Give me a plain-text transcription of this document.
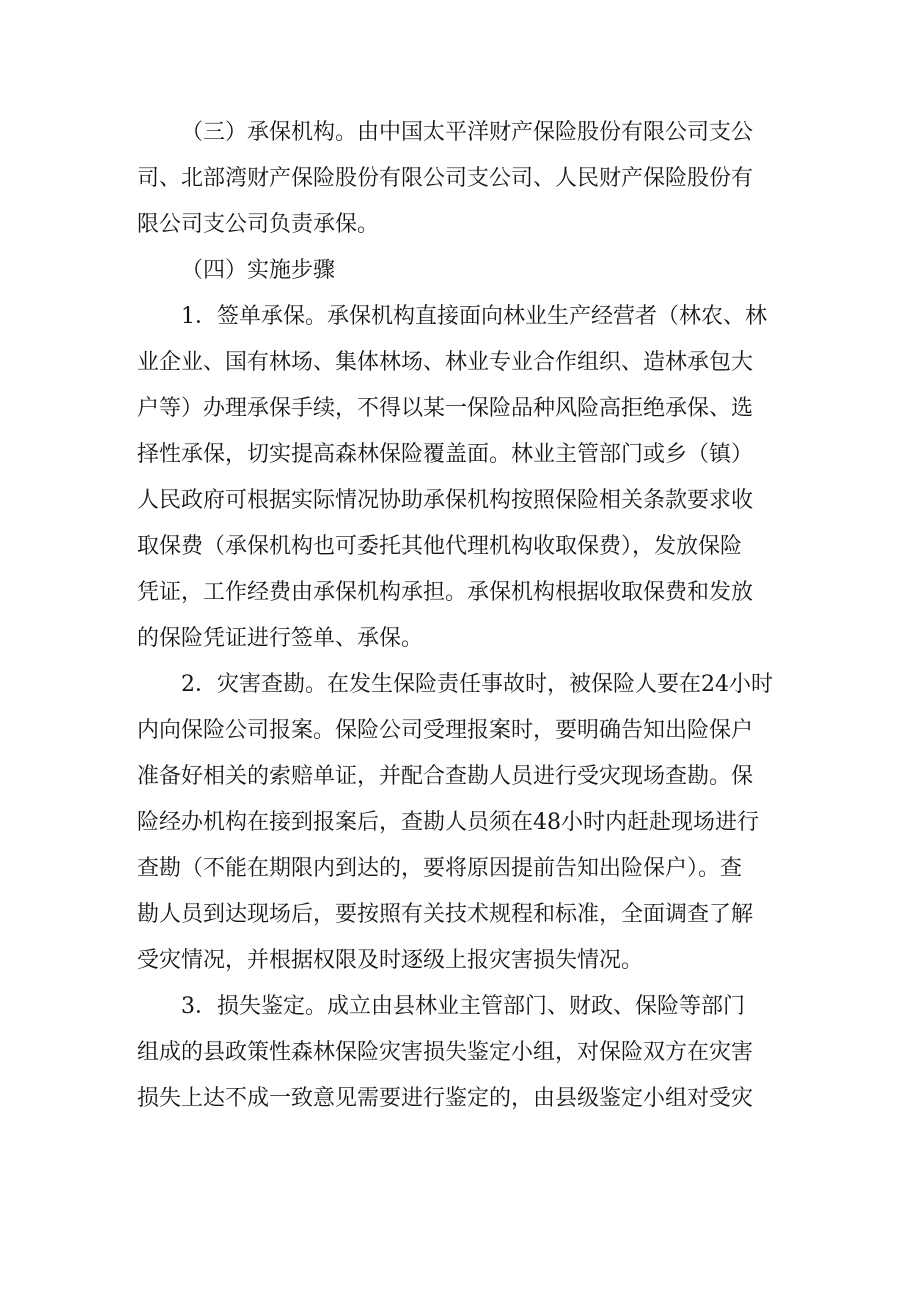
（三）承保机构。由中国太平洋财产保险股份有限公司支公
司、北部湾财产保险股份有限公司支公司、人民财产保险股份有
限公司支公司负责承保。
（四）实施步骤
1．签单承保。承保机构直接面向林业生产经营者（林农、林
业企业、国有林场、集体林场、林业专业合作组织、造林承包大
户等）办理承保手续，不得以某一保险品种风险高拒绝承保、选
择性承保，切实提高森林保险覆盖面。林业主管部门或乡（镇）
人民政府可根据实际情况协助承保机构按照保险相关条款要求收
取保费（承保机构也可委托其他代理机构收取保费），发放保险
凭证，工作经费由承保机构承担。承保机构根据收取保费和发放
的保险凭证进行签单、承保。
2．灾害查勘。在发生保险责任事故时，被保险人要在24小时
内向保险公司报案。保险公司受理报案时，要明确告知出险保户
准备好相关的索赔单证，并配合查勘人员进行受灾现场查勘。保
险经办机构在接到报案后，查勘人员须在48小时内赶赴现场进行
查勘（不能在期限内到达的，要将原因提前告知出险保户）。查
勘人员到达现场后，要按照有关技术规程和标准，全面调查了解
受灾情况，并根据权限及时逐级上报灾害损失情况。
3．损失鉴定。成立由县林业主管部门、财政、保险等部门
组成的县政策性森林保险灾害损失鉴定小组，对保险双方在灾害
损失上达不成一致意见需要进行鉴定的，由县级鉴定小组对受灾
